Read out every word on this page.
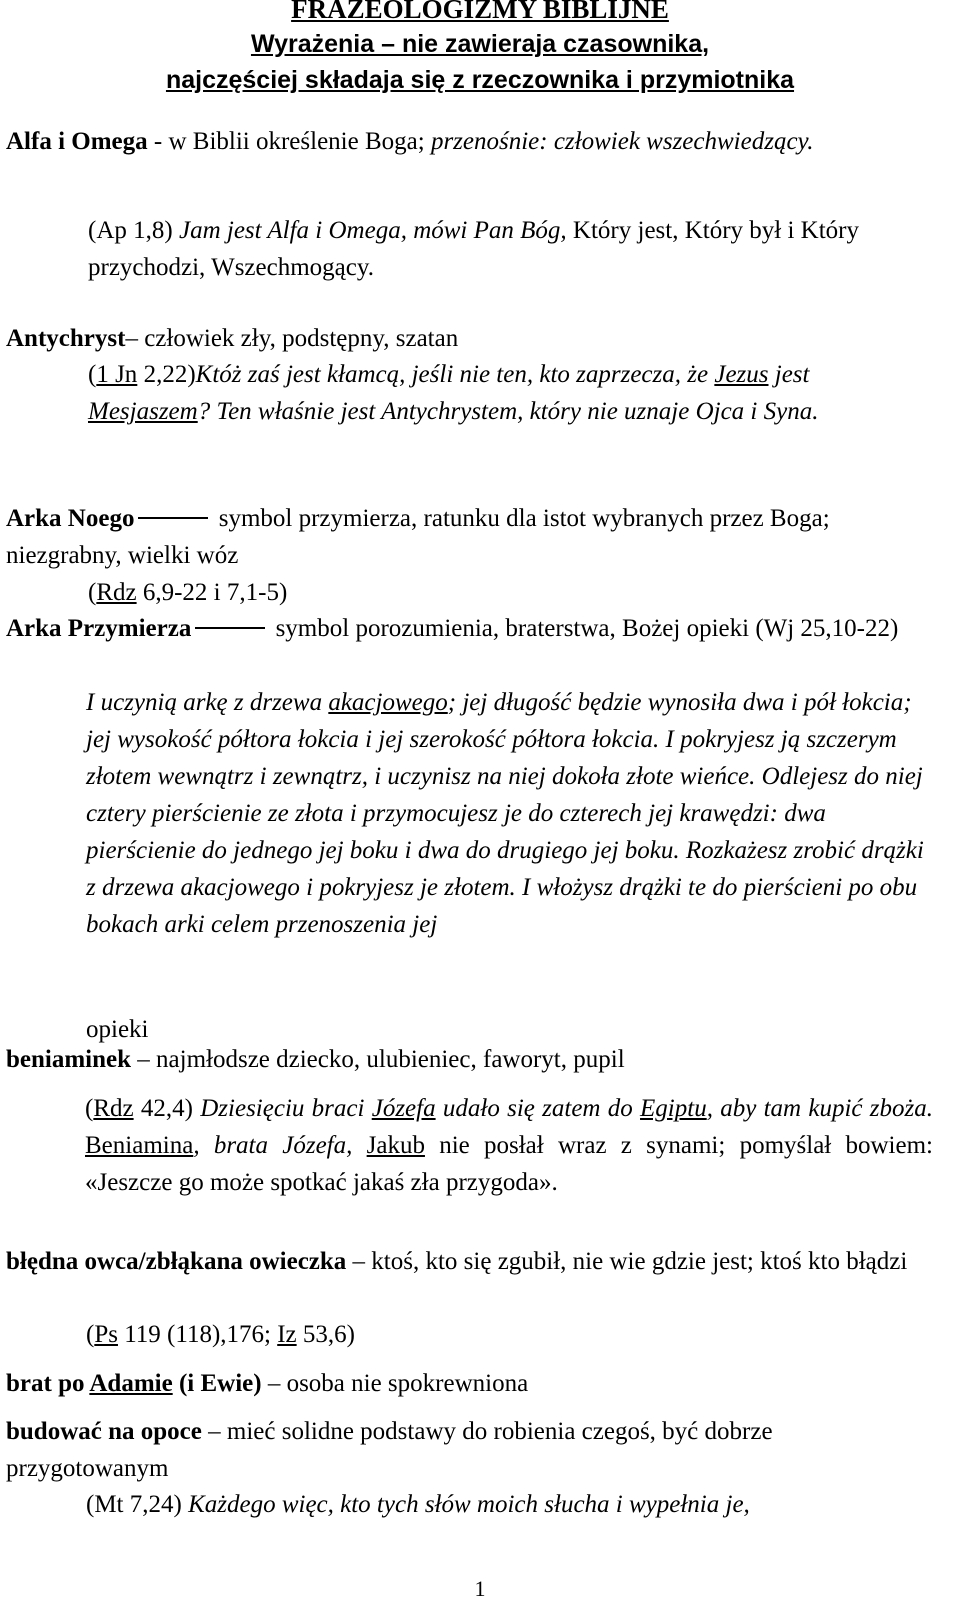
FRAZEOLOGIZMY BIBLIJNE
Wyrażenia – nie zawieraja czasownika,
najczęściej składaja się z rzeczownika i przymiotnika

Alfa i Omega - w Biblii określenie Boga; przenośnie: człowiek wszechwiedzący.

(Ap 1,8) Jam jest Alfa i Omega, mówi Pan Bóg, Który jest, Który był i Który przychodzi, Wszechmogący.

Antychryst– człowiek zły, podstępny, szatan

(1 Jn 2,22)Któż zaś jest kłamcą, jeśli nie ten, kto zaprzecza, że Jezus jest Mesjaszem? Ten właśnie jest Antychrystem, który nie uznaje Ojca i Syna.

Arka Noego	symbol przymierza, ratunku dla istot wybranych przez Boga; niezgrabny, wielki wóz

(Rdz 6,9-22 i 7,1-5)

Arka Przymierza	symbol porozumienia, braterstwa, Bożej opieki (Wj 25,10-22)

I uczynią arkę z drzewa akacjowego; jej długość będzie wynosiła dwa i pół łokcia; jej wysokość półtora łokcia i jej szerokość półtora łokcia. I pokryjesz ją szczerym złotem wewnątrz i zewnątrz, i uczynisz na niej dokoła złote wieńce. Odlejesz do niej cztery pierścienie ze złota i przymocujesz je do czterech jej krawędzi: dwa pierścienie do jednego jej boku i dwa do drugiego jej boku. Rozkażesz zrobić drążki z drzewa akacjowego i pokryjesz je złotem. I włożysz drążki te do pierścieni po obu bokach arki celem przenoszenia jej

opieki

beniaminek – najmłodsze dziecko, ulubieniec, faworyt, pupil

(Rdz 42,4) Dziesięciu braci Józefa udało się zatem do Egiptu, aby tam kupić zboża. Beniamina, brata Józefa, Jakub nie posłał wraz z synami; pomyślał bowiem: «Jeszcze go może spotkać jakaś zła przygoda».

błędna owca/zbłąkana owieczka – ktoś, kto się zgubił, nie wie gdzie jest; ktoś kto błądzi

(Ps 119 (118),176; Iz 53,6)

brat po Adamie (i Ewie) – osoba nie spokrewniona

budować na opoce – mieć solidne podstawy do robienia czegoś, być dobrze przygotowanym

(Mt 7,24) Każdego więc, kto tych słów moich słucha i wypełnia je,

1
